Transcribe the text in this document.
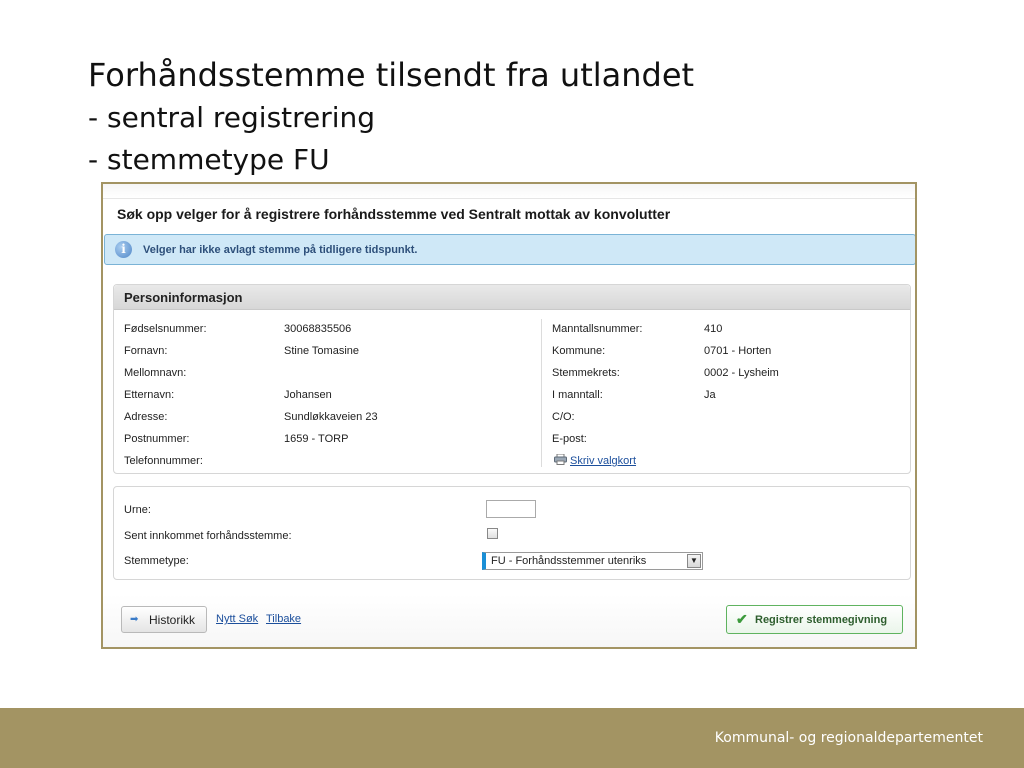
Forhåndsstemme tilsendt fra utlandet
- sentral registrering
- stemmetype FU
Søk opp velger for å registrere forhåndsstemme ved Sentralt mottak av konvolutter
i	Velger har ikke avlagt stemme på tidligere tidspunkt.
Personinformasjon
Fødselsnummer:	30068835506
Fornavn:	Stine Tomasine
Mellomnavn:
Etternavn:	Johansen
Adresse:	Sundløkkaveien 23
Postnummer:	1659 - TORP
Telefonnummer:
Manntallsnummer:	410
Kommune:	0701 - Horten
Stemmekrets:	0002 - Lysheim
I manntall:	Ja
C/O:
E-post:
Skriv valgkort
Urne:
Sent innkommet forhåndsstemme:
Stemmetype:	FU - Forhåndsstemmer utenriks	▼
➡ Historikk Nytt Søk Tilbake	✔ Registrer stemmegivning
Kommunal- og regionaldepartementet
